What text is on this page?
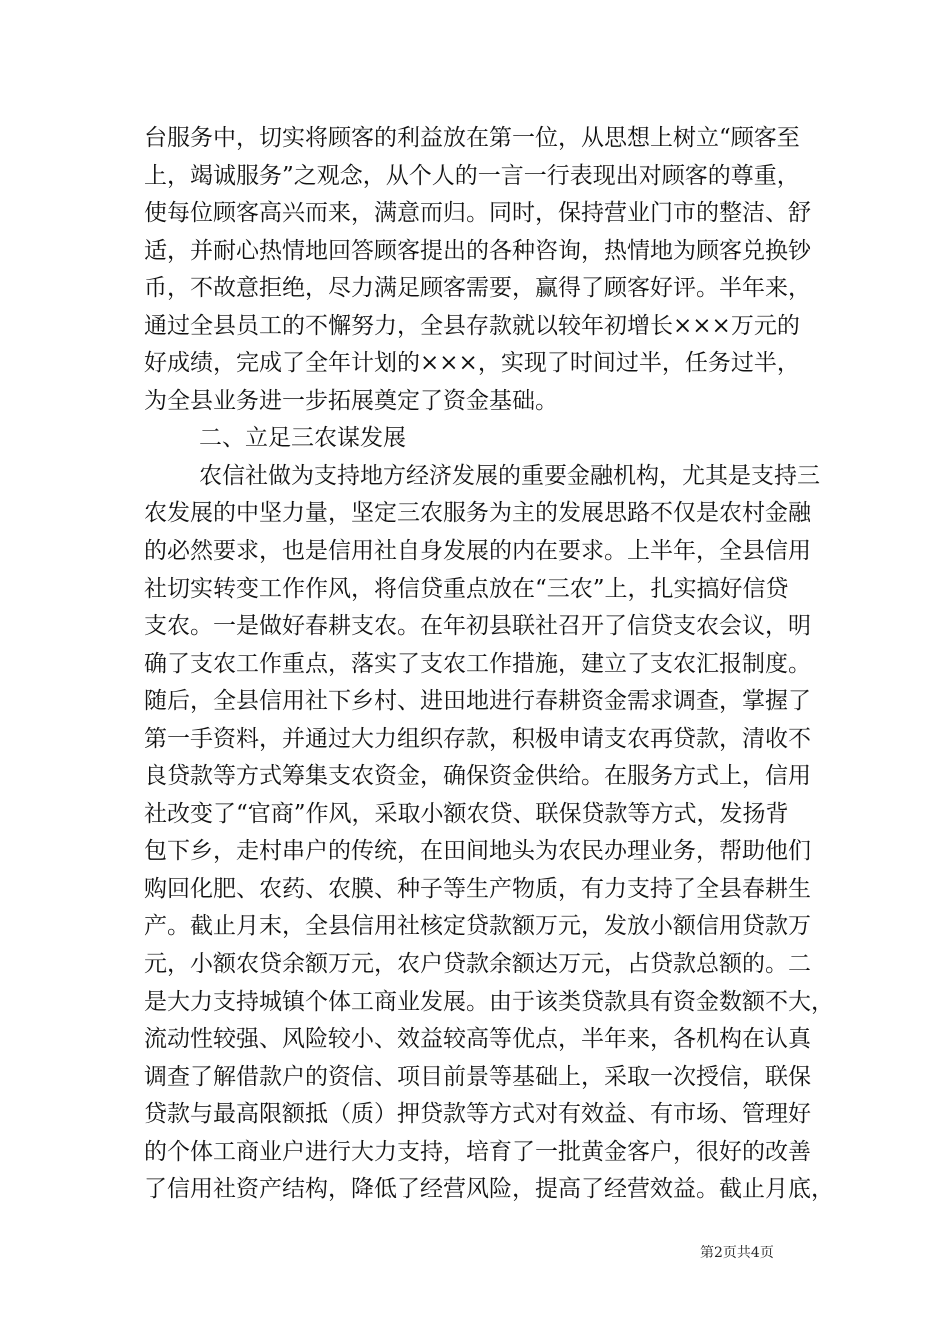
台服务中，切实将顾客的利益放在第一位，从思想上树立“顾客至
上，竭诚服务”之观念，从个人的一言一行表现出对顾客的尊重，
使每位顾客高兴而来，满意而归。同时，保持营业门市的整洁、舒
适，并耐心热情地回答顾客提出的各种咨询，热情地为顾客兑换钞
币，不故意拒绝，尽力满足顾客需要，赢得了顾客好评。半年来，
通过全县员工的不懈努力，全县存款就以较年初增长×××万元的
好成绩，完成了全年计划的×××，实现了时间过半，任务过半，
为全县业务进一步拓展奠定了资金基础。
二、立足三农谋发展
农信社做为支持地方经济发展的重要金融机构，尤其是支持三
农发展的中坚力量，坚定三农服务为主的发展思路不仅是农村金融
的必然要求，也是信用社自身发展的内在要求。上半年，全县信用
社切实转变工作作风，将信贷重点放在“三农”上，扎实搞好信贷
支农。一是做好春耕支农。在年初县联社召开了信贷支农会议，明
确了支农工作重点，落实了支农工作措施，建立了支农汇报制度。
随后，全县信用社下乡村、进田地进行春耕资金需求调查，掌握了
第一手资料，并通过大力组织存款，积极申请支农再贷款，清收不
良贷款等方式筹集支农资金，确保资金供给。在服务方式上，信用
社改变了“官商”作风，采取小额农贷、联保贷款等方式，发扬背
包下乡，走村串户的传统，在田间地头为农民办理业务，帮助他们
购回化肥、农药、农膜、种子等生产物质，有力支持了全县春耕生
产。截止月末，全县信用社核定贷款额万元，发放小额信用贷款万
元，小额农贷余额万元，农户贷款余额达万元，占贷款总额的。二
是大力支持城镇个体工商业发展。由于该类贷款具有资金数额不大，
流动性较强、风险较小、效益较高等优点，半年来，各机构在认真
调查了解借款户的资信、项目前景等基础上，采取一次授信，联保
贷款与最高限额抵（质）押贷款等方式对有效益、有市场、管理好
的个体工商业户进行大力支持，培育了一批黄金客户，很好的改善
了信用社资产结构，降低了经营风险，提高了经营效益。截止月底，
第2页共4页
